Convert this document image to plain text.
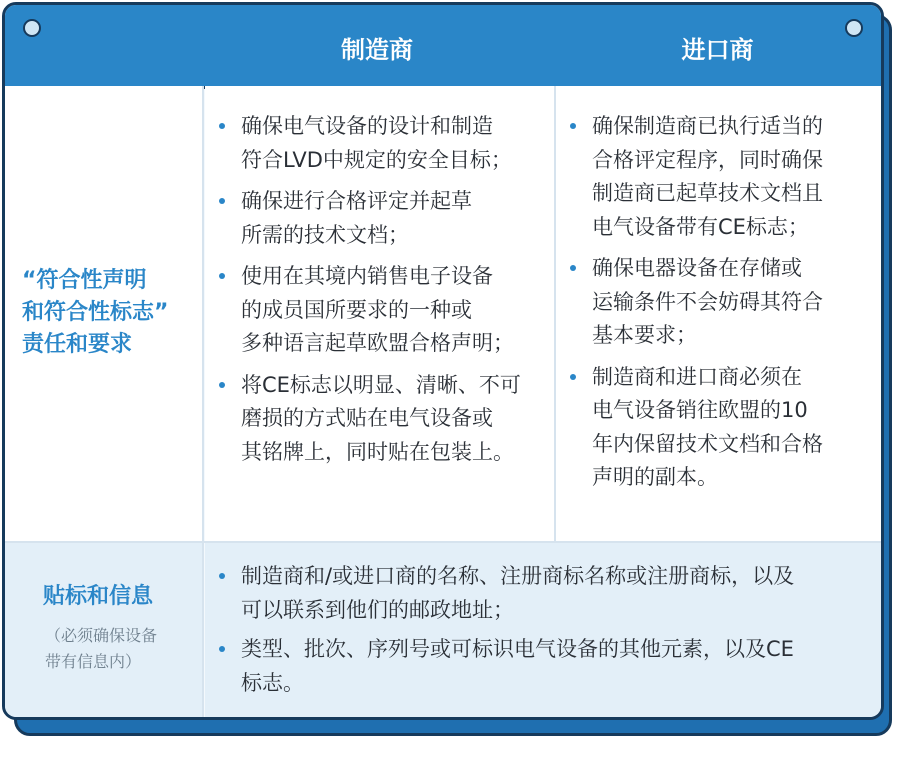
制造商	进口商
“符合性声明
和符合性标志”
责任和要求
确保电气设备的设计和制造
符合LVD中规定的安全目标；
确保进行合格评定并起草
所需的技术文档；
使用在其境内销售电子设备
的成员国所要求的一种或
多种语言起草欧盟合格声明；
将CE标志以明显、清晰、不可
磨损的方式贴在电气设备或
其铭牌上，同时贴在包装上。
确保制造商已执行适当的
合格评定程序，同时确保
制造商已起草技术文档且
电气设备带有CE标志；
确保电器设备在存储或
运输条件不会妨碍其符合
基本要求；
制造商和进口商必须在
电气设备销往欧盟的10
年内保留技术文档和合格
声明的副本。
贴标和信息
（必须确保设备
带有信息内）
制造商和/或进口商的名称、注册商标名称或注册商标，以及
可以联系到他们的邮政地址；
类型、批次、序列号或可标识电气设备的其他元素，以及CE
标志。
